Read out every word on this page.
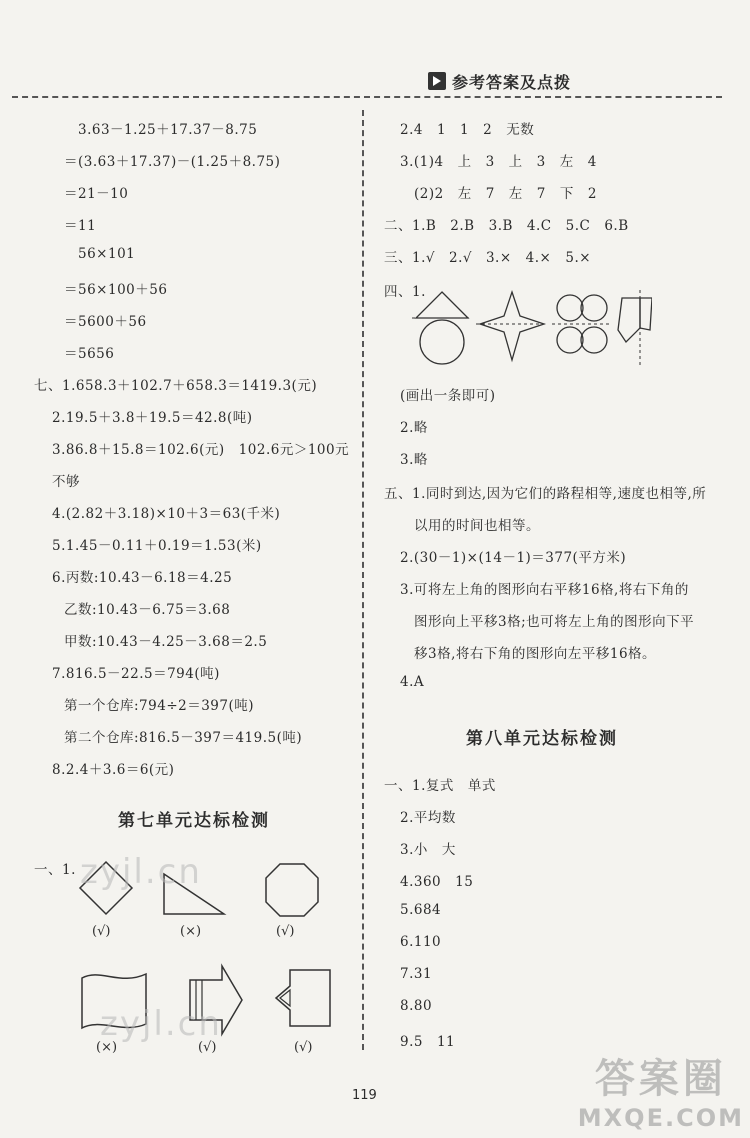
参考答案及点拨
3.63－1.25＋17.37－8.75
＝(3.63＋17.37)－(1.25＋8.75)
＝21－10
＝11
56×101
＝56×100＋56
＝5600＋56
＝5656
七、1.658.3＋102.7＋658.3＝1419.3(元)
2.19.5＋3.8＋19.5＝42.8(吨)
3.86.8＋15.8＝102.6(元)　102.6元＞100元
不够
4.(2.82＋3.18)×10＋3＝63(千米)
5.1.45－0.11＋0.19＝1.53(米)
6.丙数:10.43－6.18＝4.25
乙数:10.43－6.75＝3.68
甲数:10.43－4.25－3.68＝2.5
7.816.5－22.5＝794(吨)
第一个仓库:794÷2＝397(吨)
第二个仓库:816.5－397＝419.5(吨)
8.2.4＋3.6＝6(元)
第七单元达标检测
一、1.
(√)	(×)	(√)
(×)	(√)	(√)
zyjl.cn
zyjl.cn
2.4　1　1　2　无数
3.(1)4　上　3　上　3　左　4
(2)2　左　7　左　7　下　2
二、1.B　2.B　3.B　4.C　5.C　6.B
三、1.√　2.√　3.×　4.×　5.×
四、1.
(画出一条即可)
2.略
3.略
五、1.同时到达,因为它们的路程相等,速度也相等,所
以用的时间也相等。
2.(30－1)×(14－1)＝377(平方米)
3.可将左上角的图形向右平移16格,将右下角的
图形向上平移3格;也可将左上角的图形向下平
移3格,将右下角的图形向左平移16格。
4.A
第八单元达标检测
一、1.复式　单式
2.平均数
3.小　大
4.360　15
5.684
6.110
7.31
8.80
9.5　11
119	答案圈
MXQE.COM
